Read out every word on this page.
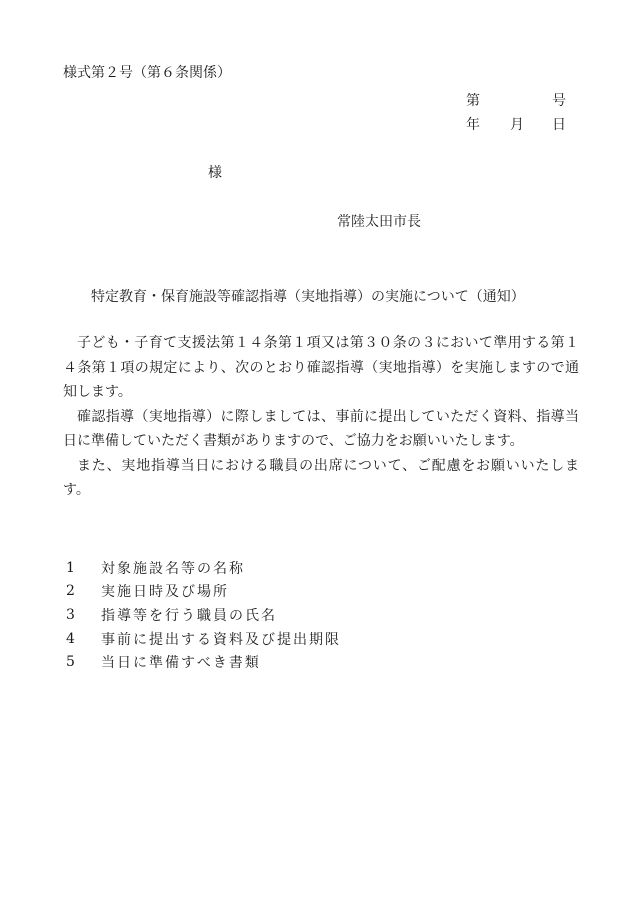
様式第２号（第６条関係）
第	号
年 月 日
様
常陸太田市長
特定教育・保育施設等確認指導（実地指導）の実施について（通知）

子ども・子育て支援法第１４条第１項又は第３０条の３において準用する第１４条第１項の規定により、次のとおり確認指導（実地指導）を実施しますので通知します。

確認指導（実地指導）に際しましては、事前に提出していただく資料、指導当日に準備していただく書類がありますので、ご協力をお願いいたします。

また、実地指導当日における職員の出席について、ご配慮をお願いいたします。

1	対象施設名等の名称
2	実施日時及び場所
3	指導等を行う職員の氏名
4	事前に提出する資料及び提出期限
5	当日に準備すべき書類
